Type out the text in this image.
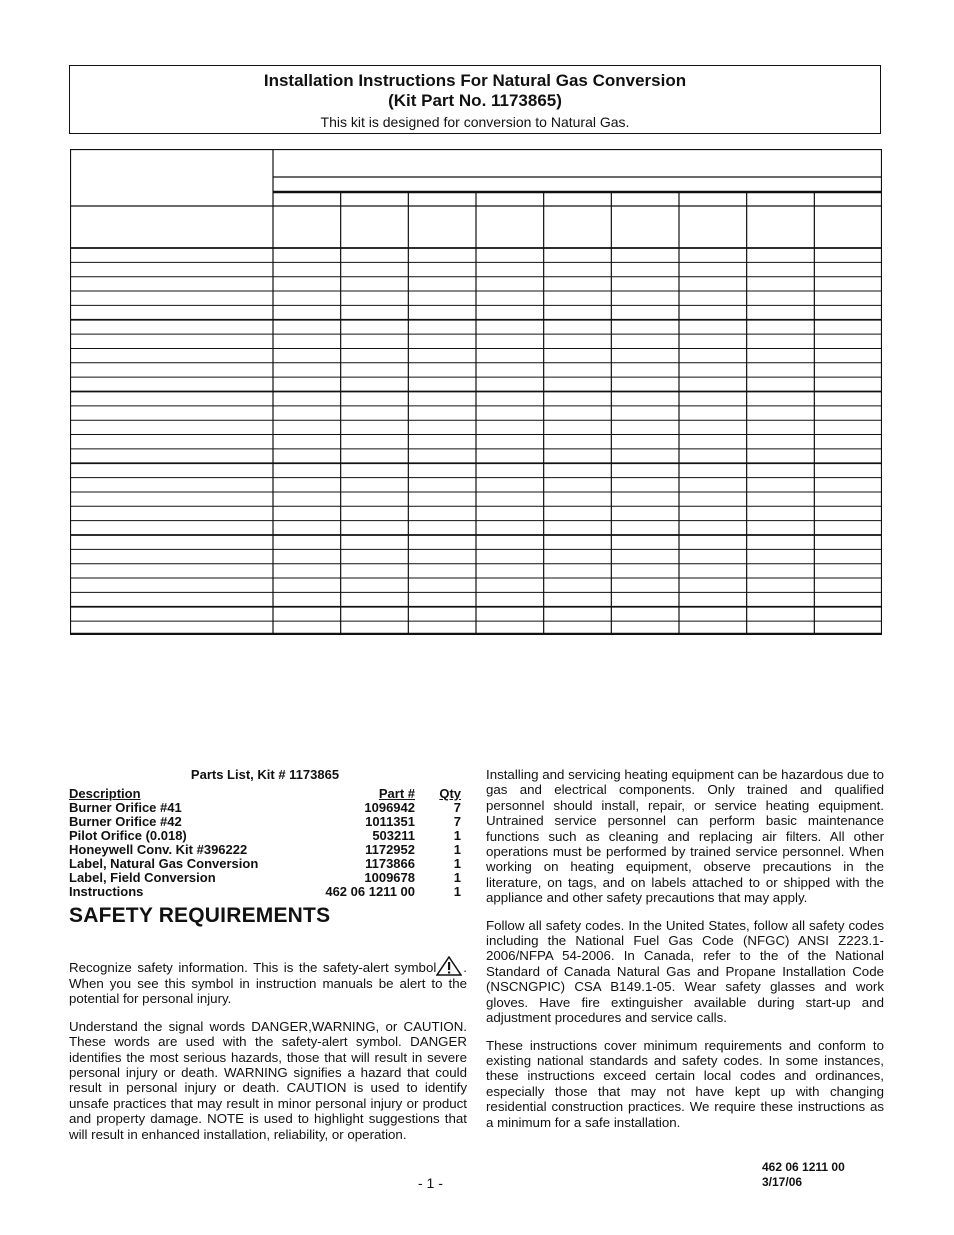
Installation Instructions For Natural Gas Conversion
(Kit Part No. 1173865)
This kit is designed for conversion to Natural Gas.
Parts List, Kit # 1173865
Description	Part #	Qty
Burner Orifice #41	1096942	7
Burner Orifice #42	1011351	7
Pilot Orifice (0.018)	503211	1
Honeywell Conv. Kit #396222	1172952	1
Label, Natural Gas Conversion	1173866	1
Label, Field Conversion	1009678	1
Instructions	462 06 1211 00	1
SAFETY REQUIREMENTS

Recognize safety information. This is the safety-alert symbol . When you see this symbol in instruction manuals be alert to the potential for personal injury.

Understand the signal words DANGER,WARNING, or CAUTION. These words are used with the safety-alert symbol. DANGER identifies the most serious hazards, those that will result in severe personal injury or death. WARNING signifies a hazard that could result in personal injury or death. CAUTION is used to identify unsafe practices that may result in minor personal injury or product and property damage. NOTE is used to highlight suggestions that will result in enhanced installation, reliability, or operation.

Installing and servicing heating equipment can be hazardous due to gas and electrical components. Only trained and qualified personnel should install, repair, or service heating equipment. Untrained service personnel can perform basic maintenance functions such as cleaning and replacing air filters. All other operations must be performed by trained service personnel. When working on heating equipment, observe precautions in the literature, on tags, and on labels attached to or shipped with the appliance and other safety precautions that may apply.

Follow all safety codes. In the United States, follow all safety codes including the National Fuel Gas Code (NFGC) ANSI Z223.1-2006/NFPA 54-2006. In Canada, refer to the of the National Standard of Canada Natural Gas and Propane Installation Code (NSCNGPIC) CSA B149.1-05. Wear safety glasses and work gloves. Have fire extinguisher available during start-up and adjustment procedures and service calls.

These instructions cover minimum requirements and conform to existing national standards and safety codes. In some instances, these instructions exceed certain local codes and ordinances, especially those that may not have kept up with changing residential construction practices. We require these instructions as a minimum for a safe installation.

- 1 -
462 06 1211 00
3/17/06
